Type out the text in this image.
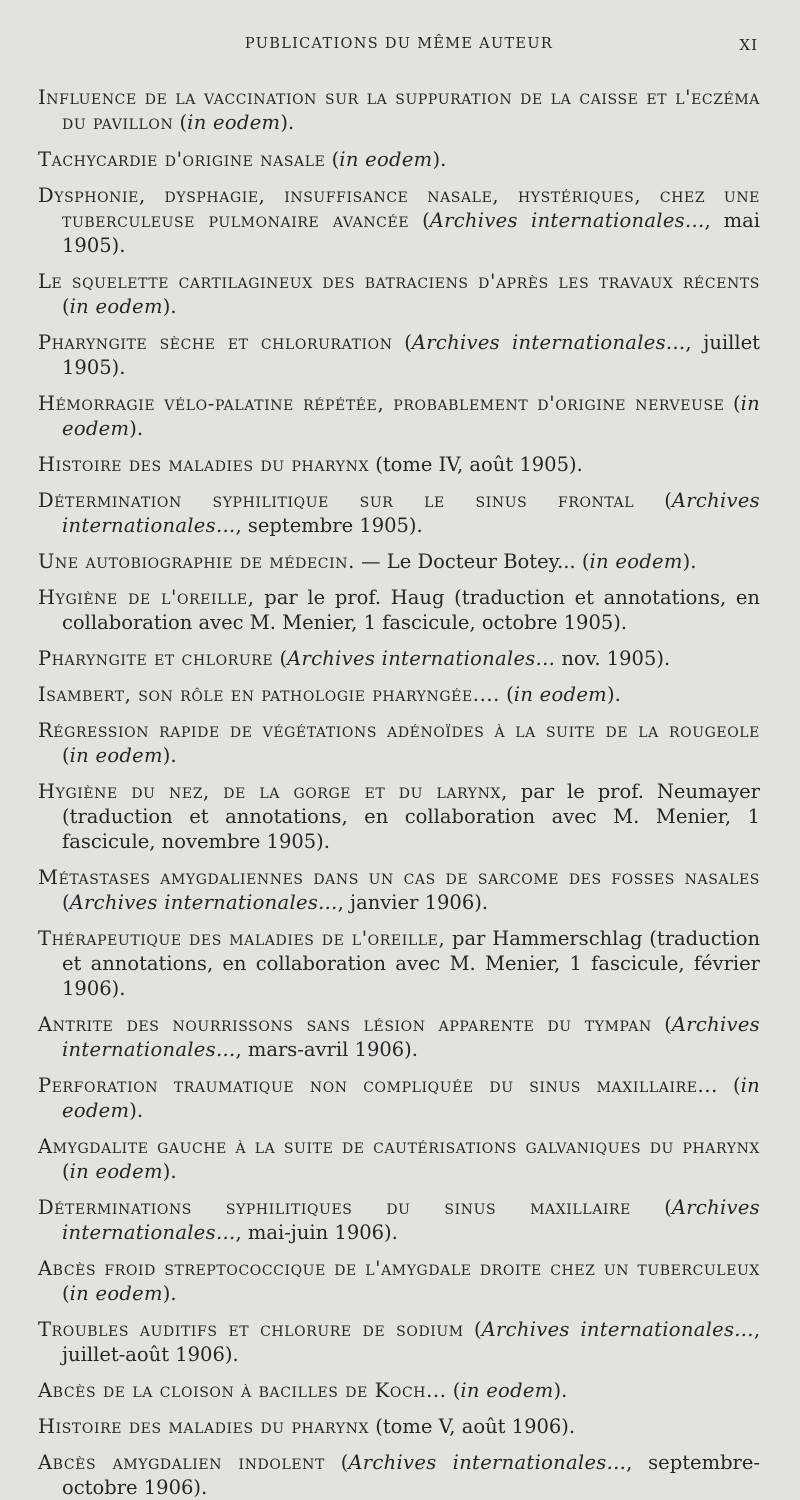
PUBLICATIONS DU MÊME AUTEUR	XI

Influence de la vaccination sur la suppuration de la caisse et l'eczéma du pavillon (in eodem).

Tachycardie d'origine nasale (in eodem).

Dysphonie, dysphagie, insuffisance nasale, hystériques, chez une tuberculeuse pulmonaire avancée (Archives internationales..., mai 1905).

Le squelette cartilagineux des batraciens d'après les travaux récents (in eodem).

Pharyngite sèche et chloruration (Archives internationales..., juillet 1905).

Hémorragie vélo-palatine répétée, probablement d'origine nerveuse (in eodem).

Histoire des maladies du pharynx (tome IV, août 1905).

Détermination syphilitique sur le sinus frontal (Archives internationales..., septembre 1905).

Une autobiographie de médecin. — Le Docteur Botey... (in eodem).

Hygiène de l'oreille, par le prof. Haug (traduction et annotations, en collaboration avec M. Menier, 1 fascicule, octobre 1905).

Pharyngite et chlorure (Archives internationales... nov. 1905).

Isambert, son rôle en pathologie pharyngée.... (in eodem).

Régression rapide de végétations adénoïdes à la suite de la rougeole (in eodem).

Hygiène du nez, de la gorge et du larynx, par le prof. Neumayer (traduction et annotations, en collaboration avec M. Menier, 1 fascicule, novembre 1905).

Métastases amygdaliennes dans un cas de sarcome des fosses nasales (Archives internationales..., janvier 1906).

Thérapeutique des maladies de l'oreille, par Hammerschlag (traduction et annotations, en collaboration avec M. Menier, 1 fascicule, février 1906).

Antrite des nourrissons sans lésion apparente du tympan (Archives internationales..., mars-avril 1906).

Perforation traumatique non compliquée du sinus maxillaire... (in eodem).

Amygdalite gauche à la suite de cautérisations galvaniques du pharynx (in eodem).

Déterminations syphilitiques du sinus maxillaire (Archives internationales..., mai-juin 1906).

Abcès froid streptococcique de l'amygdale droite chez un tuberculeux (in eodem).

Troubles auditifs et chlorure de sodium (Archives internationales..., juillet-août 1906).

Abcès de la cloison à bacilles de Koch... (in eodem).

Histoire des maladies du pharynx (tome V, août 1906).

Abcès amygdalien indolent (Archives internationales..., septembre-octobre 1906).
